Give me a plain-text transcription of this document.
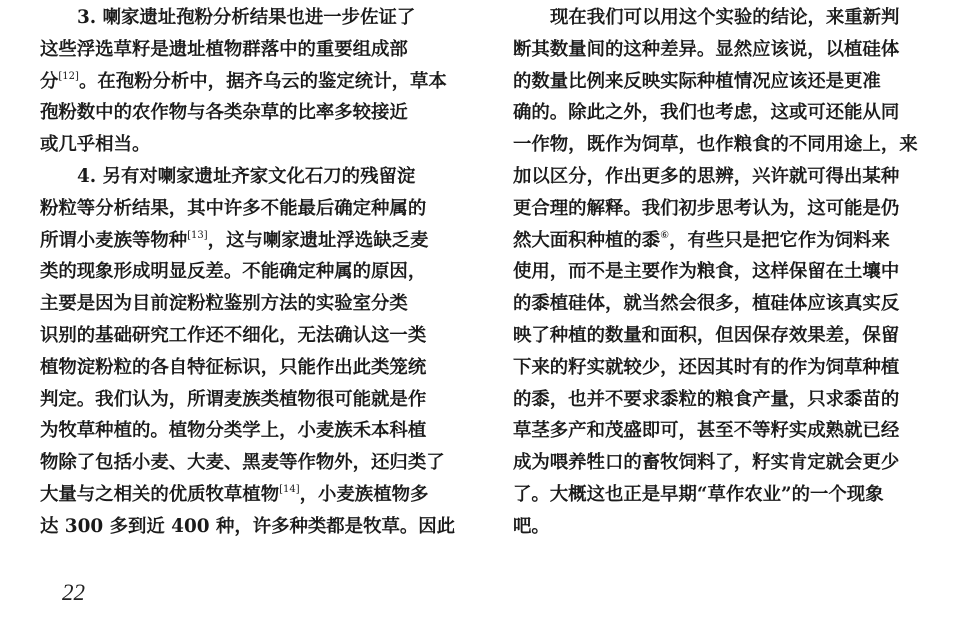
3. 喇家遗址孢粉分析结果也进一步佐证了
这些浮选草籽是遗址植物群落中的重要组成部
分[12]。在孢粉分析中，据齐乌云的鉴定统计，草本
孢粉数中的农作物与各类杂草的比率多较接近
或几乎相当。
4. 另有对喇家遗址齐家文化石刀的残留淀
粉粒等分析结果，其中许多不能最后确定种属的
所谓小麦族等物种[13]，这与喇家遗址浮选缺乏麦
类的现象形成明显反差。不能确定种属的原因，
主要是因为目前淀粉粒鉴别方法的实验室分类
识别的基础研究工作还不细化，无法确认这一类
植物淀粉粒的各自特征标识，只能作出此类笼统
判定。我们认为，所谓麦族类植物很可能就是作
为牧草种植的。植物分类学上，小麦族禾本科植
物除了包括小麦、大麦、黑麦等作物外，还归类了
大量与之相关的优质牧草植物[14]，小麦族植物多
达 300 多到近 400 种，许多种类都是牧草。因此
现在我们可以用这个实验的结论，来重新判
断其数量间的这种差异。显然应该说，以植硅体
的数量比例来反映实际种植情况应该还是更准
确的。除此之外，我们也考虑，这或可还能从同
一作物，既作为饲草，也作粮食的不同用途上，来
加以区分，作出更多的思辨，兴许就可得出某种
更合理的解释。我们初步思考认为，这可能是仍
然大面积种植的黍⑥，有些只是把它作为饲料来
使用，而不是主要作为粮食，这样保留在土壤中
的黍植硅体，就当然会很多，植硅体应该真实反
映了种植的数量和面积，但因保存效果差，保留
下来的籽实就较少，还因其时有的作为饲草种植
的黍，也并不要求黍粒的粮食产量，只求黍苗的
草茎多产和茂盛即可，甚至不等籽实成熟就已经
成为喂养牲口的畜牧饲料了，籽实肯定就会更少
了。大概这也正是早期“草作农业”的一个现象
吧。
22
